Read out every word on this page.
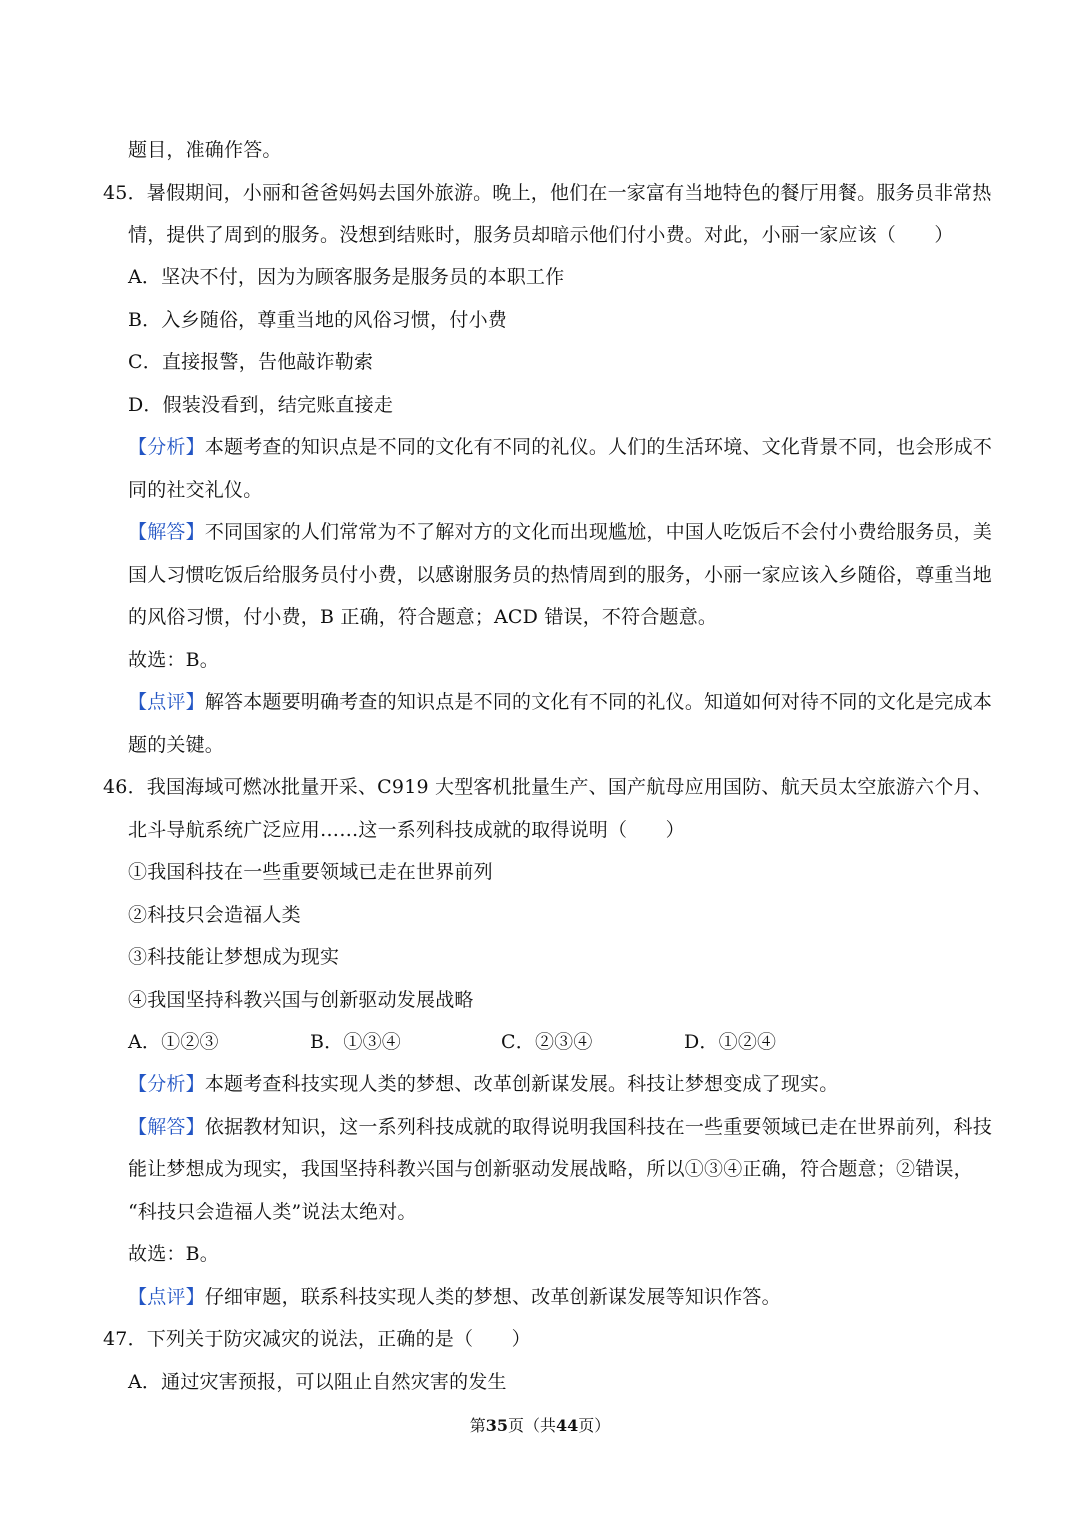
题目，准确作答。
45．暑假期间，小丽和爸爸妈妈去国外旅游。晚上，他们在一家富有当地特色的餐厅用餐。服务员非常热
情，提供了周到的服务。没想到结账时，服务员却暗示他们付小费。对此，小丽一家应该（　　）
A．坚决不付，因为为顾客服务是服务员的本职工作
B．入乡随俗，尊重当地的风俗习惯，付小费
C．直接报警，告他敲诈勒索
D．假装没看到，结完账直接走
【分析】本题考查的知识点是不同的文化有不同的礼仪。人们的生活环境、文化背景不同，也会形成不
同的社交礼仪。
【解答】不同国家的人们常常为不了解对方的文化而出现尴尬，中国人吃饭后不会付小费给服务员，美
国人习惯吃饭后给服务员付小费，以感谢服务员的热情周到的服务，小丽一家应该入乡随俗，尊重当地
的风俗习惯，付小费，B 正确，符合题意；ACD 错误，不符合题意。
故选：B。
【点评】解答本题要明确考查的知识点是不同的文化有不同的礼仪。知道如何对待不同的文化是完成本
题的关键。
46．我国海域可燃冰批量开采、C919 大型客机批量生产、国产航母应用国防、航天员太空旅游六个月、
北斗导航系统广泛应用……这一系列科技成就的取得说明（　　）
①我国科技在一些重要领域已走在世界前列
②科技只会造福人类
③科技能让梦想成为现实
④我国坚持科教兴国与创新驱动发展战略
A．①②③	B．①③④	C．②③④	D．①②④
【分析】本题考查科技实现人类的梦想、改革创新谋发展。科技让梦想变成了现实。
【解答】依据教材知识，这一系列科技成就的取得说明我国科技在一些重要领域已走在世界前列，科技
能让梦想成为现实，我国坚持科教兴国与创新驱动发展战略，所以①③④正确，符合题意；②错误，
“科技只会造福人类”说法太绝对。
故选：B。
【点评】仔细审题，联系科技实现人类的梦想、改革创新谋发展等知识作答。
47．下列关于防灾减灾的说法，正确的是（　　）
A．通过灾害预报，可以阻止自然灾害的发生
第35页（共44页）
